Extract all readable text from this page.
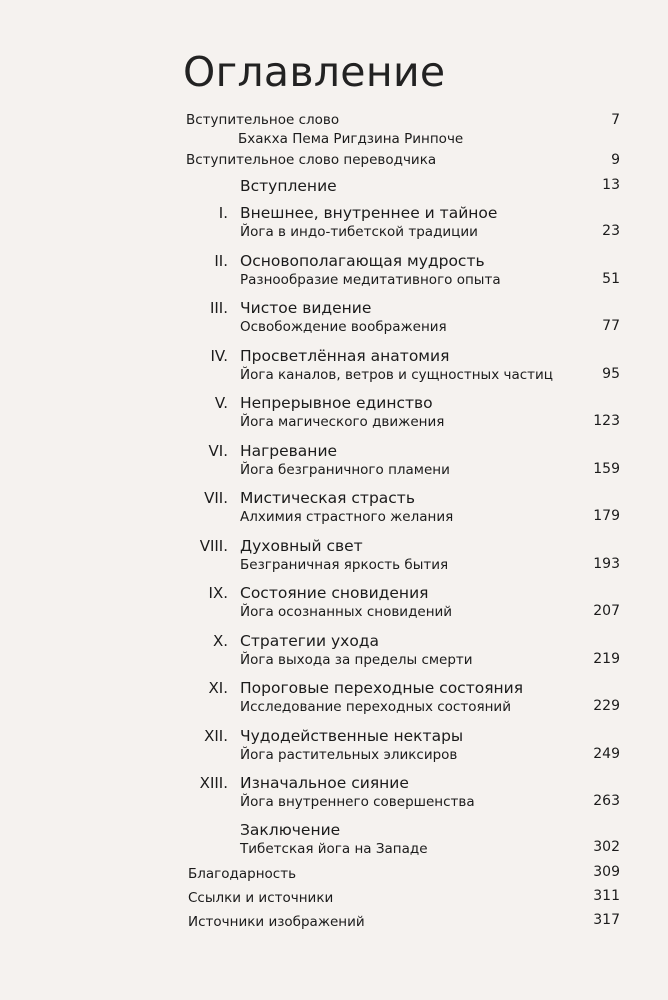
Оглавление
Вступительное слово	7
Бхакха Пема Ригдзина Ринпоче
Вступительное слово переводчика	9
Вступление	13
I. Внешнее, внутреннее и тайное
Йога в индо-тибетской традиции	23
II. Основополагающая мудрость
Разнообразие медитативного опыта	51
III. Чистое видение
Освобождение воображения	77
IV. Просветлённая анатомия
Йога каналов, ветров и сущностных частиц	95
V. Непрерывное единство
Йога магического движения	123
VI. Нагревание
Йога безграничного пламени	159
VII. Мистическая страсть
Алхимия страстного желания	179
VIII. Духовный свет
Безграничная яркость бытия	193
IX. Состояние сновидения
Йога осознанных сновидений	207
X. Стратегии ухода
Йога выхода за пределы смерти	219
XI. Пороговые переходные состояния
Исследование переходных состояний	229
XII. Чудодейственные нектары
Йога растительных эликсиров	249
XIII. Изначальное сияние
Йога внутреннего совершенства	263
Заключение
Тибетская йога на Западе	302
Благодарность	309
Ссылки и источники	311
Источники изображений	317
